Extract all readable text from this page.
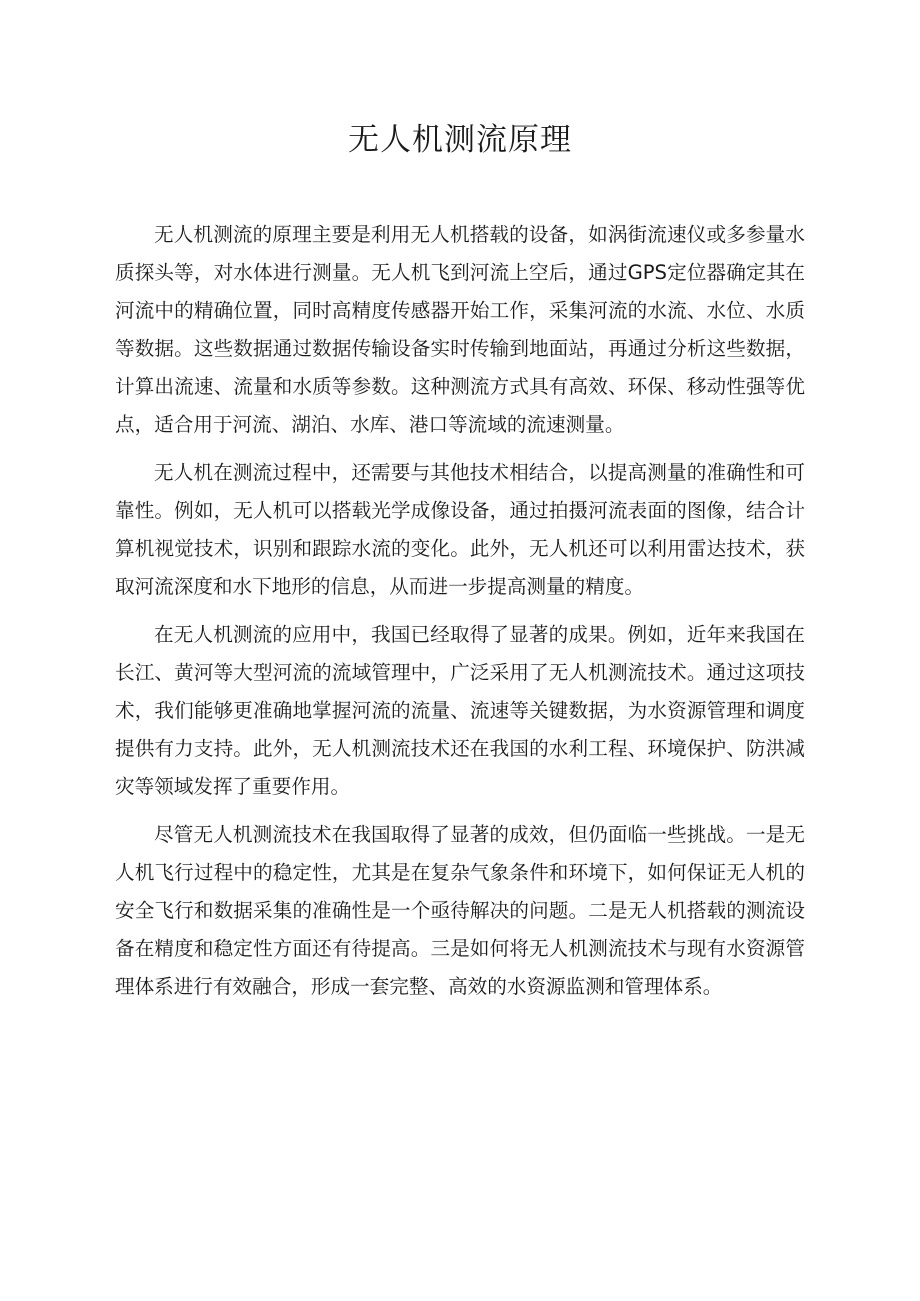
无人机测流原理

无人机测流的原理主要是利用无人机搭载的设备，如涡街流速仪或多参量水质探头等，对水体进行测量。无人机飞到河流上空后，通过GPS定位器确定其在河流中的精确位置，同时高精度传感器开始工作，采集河流的水流、水位、水质等数据。这些数据通过数据传输设备实时传输到地面站，再通过分析这些数据，计算出流速、流量和水质等参数。这种测流方式具有高效、环保、移动性强等优点，适合用于河流、湖泊、水库、港口等流域的流速测量。

无人机在测流过程中，还需要与其他技术相结合，以提高测量的准确性和可靠性。例如，无人机可以搭载光学成像设备，通过拍摄河流表面的图像，结合计算机视觉技术，识别和跟踪水流的变化。此外，无人机还可以利用雷达技术，获取河流深度和水下地形的信息，从而进一步提高测量的精度。

在无人机测流的应用中，我国已经取得了显著的成果。例如，近年来我国在长江、黄河等大型河流的流域管理中，广泛采用了无人机测流技术。通过这项技术，我们能够更准确地掌握河流的流量、流速等关键数据，为水资源管理和调度提供有力支持。此外，无人机测流技术还在我国的水利工程、环境保护、防洪减灾等领域发挥了重要作用。

尽管无人机测流技术在我国取得了显著的成效，但仍面临一些挑战。一是无人机飞行过程中的稳定性，尤其是在复杂气象条件和环境下，如何保证无人机的安全飞行和数据采集的准确性是一个亟待解决的问题。二是无人机搭载的测流设备在精度和稳定性方面还有待提高。三是如何将无人机测流技术与现有水资源管理体系进行有效融合，形成一套完整、高效的水资源监测和管理体系。
